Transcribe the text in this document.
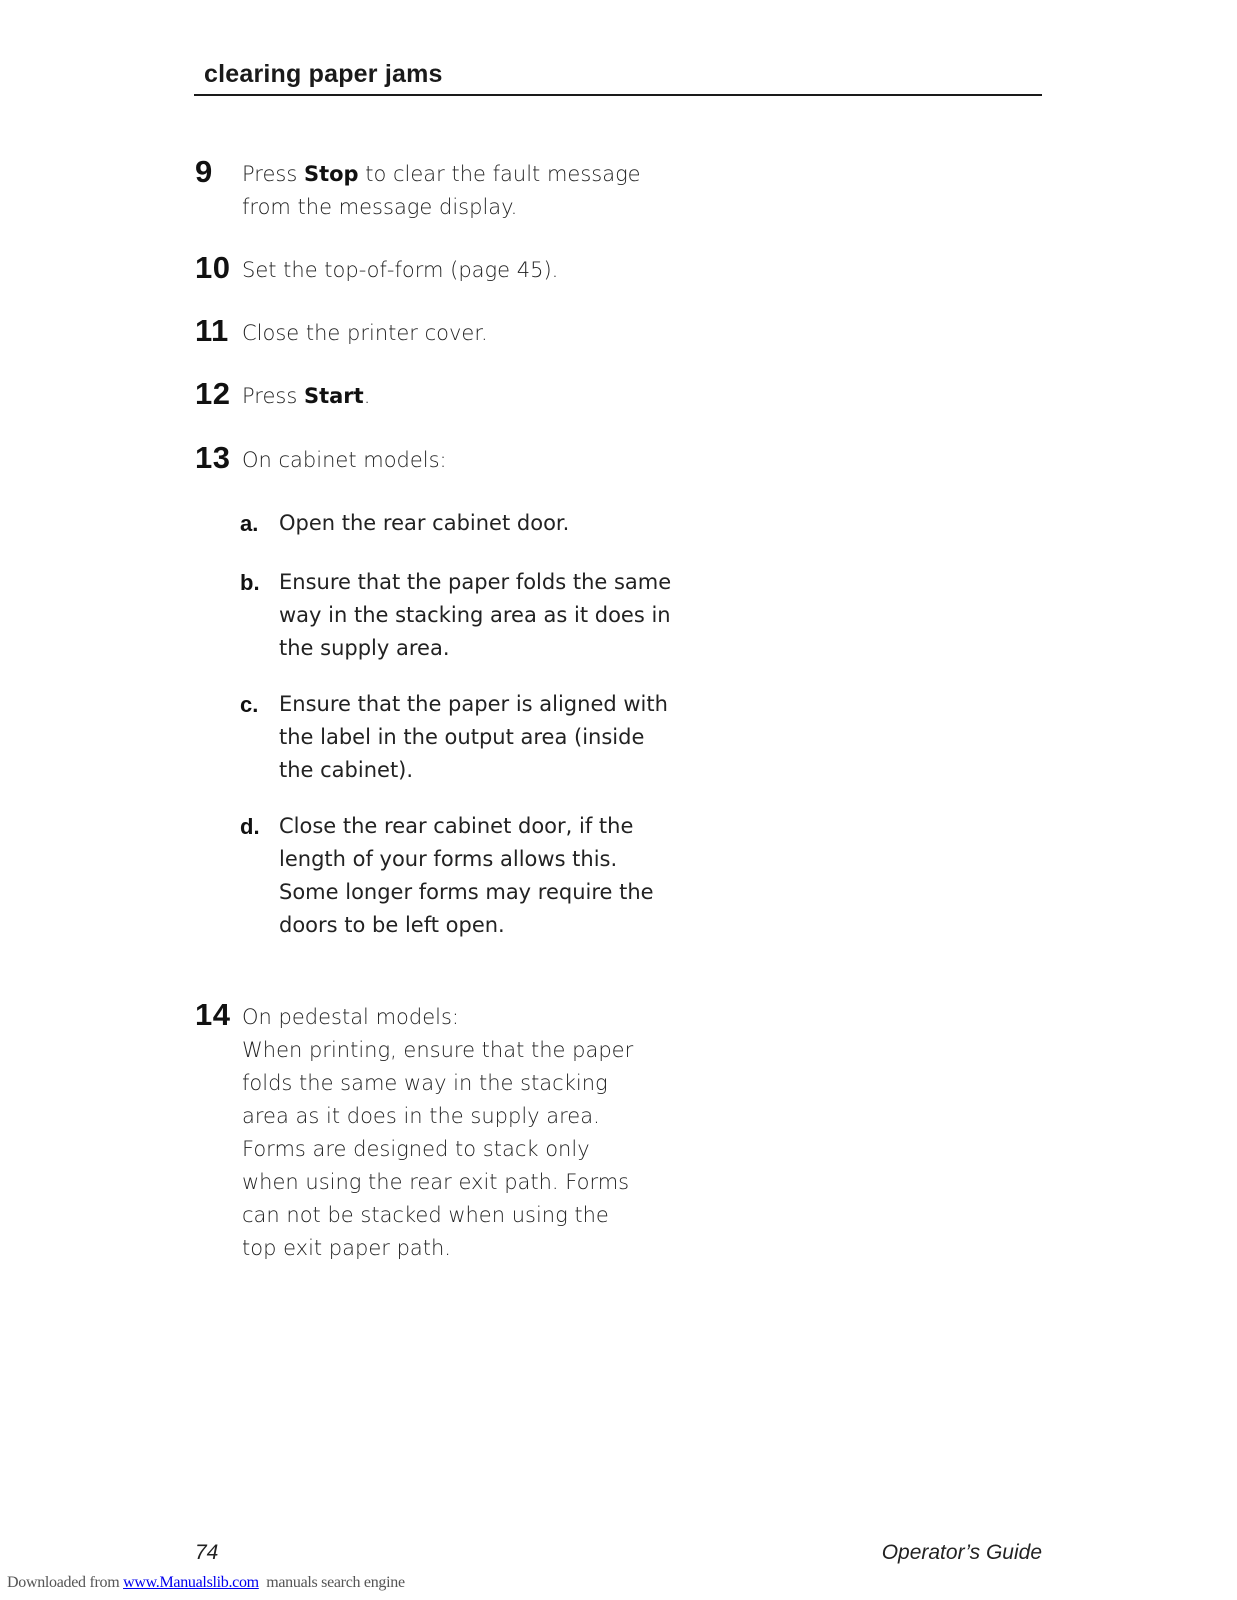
clearing paper jams
9 Press Stop to clear the fault message
from the message display.
10 Set the top-of-form (page 45).
11 Close the printer cover.
12 Press Start.
13 On cabinet models:
a. Open the rear cabinet door.
b. Ensure that the paper folds the same
way in the stacking area as it does in
the supply area.
c. Ensure that the paper is aligned with
the label in the output area (inside
the cabinet).
d. Close the rear cabinet door, if the
length of your forms allows this.
Some longer forms may require the
doors to be left open.
14 On pedestal models:
When printing, ensure that the paper
folds the same way in the stacking
area as it does in the supply area.
Forms are designed to stack only
when using the rear exit path. Forms
can not be stacked when using the
top exit paper path.
74	Operator’s Guide
Downloaded from www.Manualslib.com  manuals search engine
